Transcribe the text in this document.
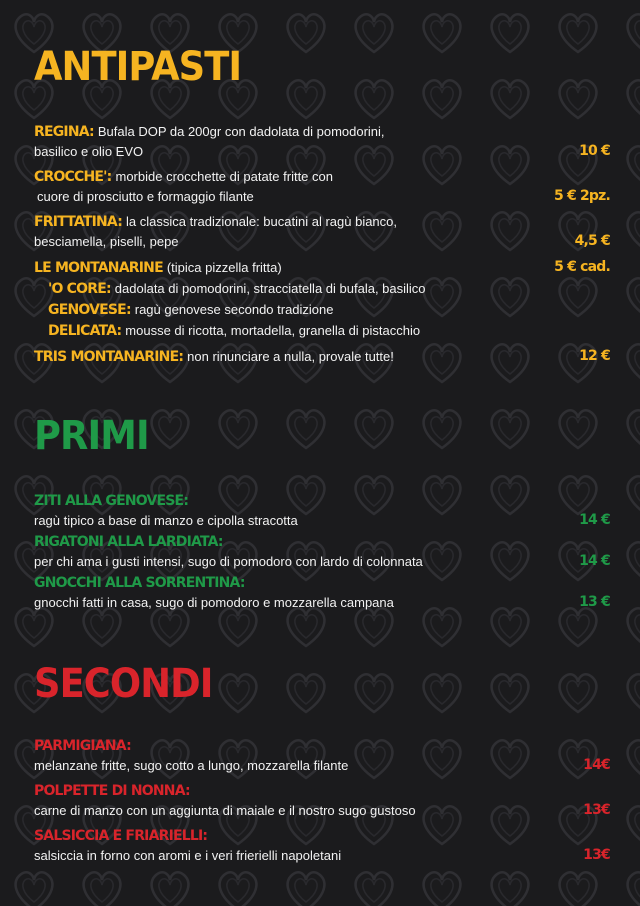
ANTIPASTI
REGINA: Bufala DOP da 200gr con dadolata di pomodorini,
basilico e olio EVO	10 €
CROCCHE': morbide crocchette di patate fritte con
cuore di prosciutto e formaggio filante	5 € 2pz.
FRITTATINA: la classica tradizionale: bucatini al ragù bianco,
besciamella, piselli, pepe	4,5 €
LE MONTANARINE (tipica pizzella fritta)	5 € cad.
'O CORE: dadolata di pomodorini, stracciatella di bufala, basilico
GENOVESE: ragù genovese secondo tradizione
DELICATA: mousse di ricotta, mortadella, granella di pistacchio
TRIS MONTANARINE: non rinunciare a nulla, provale tutte!	12 €
PRIMI
ZITI ALLA GENOVESE:
ragù tipico a base di manzo e cipolla stracotta	14 €
RIGATONI ALLA LARDIATA:
per chi ama i gusti intensi, sugo di pomodoro con lardo di colonnata	14 €
GNOCCHI ALLA SORRENTINA:
gnocchi fatti in casa, sugo di pomodoro e mozzarella campana	13 €
SECONDI
PARMIGIANA:
melanzane fritte, sugo cotto a lungo, mozzarella filante	14€
POLPETTE DI NONNA:
carne di manzo con un aggiunta di maiale e il nostro sugo gustoso	13€
SALSICCIA E FRIARIELLI:
salsiccia in forno con aromi e i veri frierielli napoletani	13€
